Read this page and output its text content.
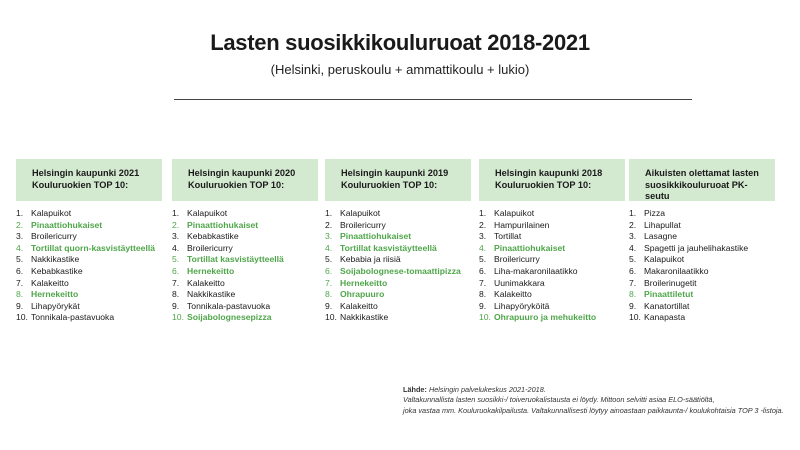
Lasten suosikkikouluruoat 2018-2021
(Helsinki, peruskoulu + ammattikoulu + lukio)
Helsingin kaupunki 2021 Kouluruokien TOP 10:
1. Kalapuikot
2. Pinaattiohukaiset
3. Broilericurry
4. Tortillat quorn-kasvistäytteellä
5. Nakkikastike
6. Kebabkastike
7. Kalakeitto
8. Hernekeitto
9. Lihapyörykät
10. Tonnikala-pastavuoka
Helsingin kaupunki 2020 Kouluruokien TOP 10:
1. Kalapuikot
2. Pinaattiohukaiset
3. Kebabkastike
4. Broilericurry
5. Tortillat kasvistäytteellä
6. Hernekeitto
7. Kalakeitto
8. Nakkikastike
9. Tonnikala-pastavuoka
10. Soijabolognesepizza
Helsingin kaupunki 2019 Kouluruokien TOP 10:
1. Kalapuikot
2. Broilericurry
3. Pinaattiohukaiset
4. Tortillat kasvistäytteellä
5. Kebabia ja riisiä
6. Soijabolognese-tomaattipizza
7. Hernekeitto
8. Ohrapuuro
9. Kalakeitto
10. Nakkikastike
Helsingin kaupunki 2018 Kouluruokien TOP 10:
1. Kalapuikot
2. Hampurilainen
3. Tortillat
4. Pinaattiohukaiset
5. Broilericurry
6. Liha-makaronilaatikko
7. Uunimakkara
8. Kalakeitto
9. Lihapyöryköitä
10. Ohrapuuro ja mehukeitto
Aikuisten olettamat lasten suosikkikouluruoat PK-seutu
1. Pizza
2. Lihapullat
3. Lasagne
4. Spagetti ja jauhelihakastike
5. Kalapuikot
6. Makaronilaatikko
7. Broilerinugetit
8. Pinaattiletut
9. Kanatortillat
10. Kanapasta
Lähde: Helsingin palvelukeskus 2021-2018.
Valtakunnallista lasten suosikki-/ toiveruokalistausta ei löydy. Mittoon selvitti asiaa ELO-säätiöltä,
joka vastaa mm. Kouluruokakilpailusta. Valtakunnallisesti löytyy ainoastaan paikkaunta-/ koulukohtaisia TOP 3 -listoja.
